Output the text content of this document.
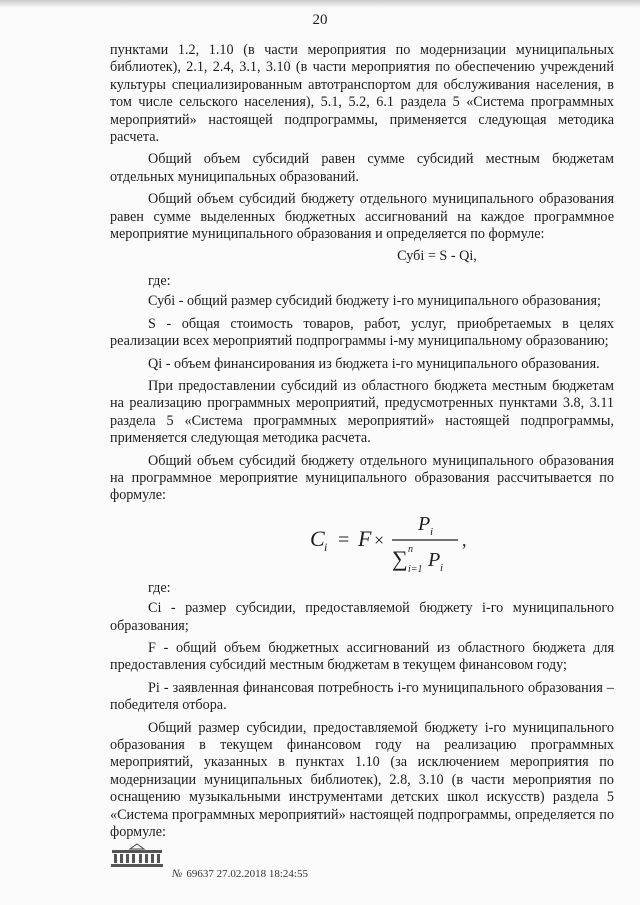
20

пунктами 1.2, 1.10 (в части мероприятия по модернизации муниципальных библиотек), 2.1, 2.4, 3.1, 3.10 (в части мероприятия по обеспечению учреждений культуры специализированным автотранспортом для обслуживания населения, в том числе сельского населения), 5.1, 5.2, 6.1 раздела 5 «Система программных мероприятий» настоящей подпрограммы, применяется следующая методика расчета.

Общий объем субсидий равен сумме субсидий местным бюджетам отдельных муниципальных образований.

Общий объем субсидий бюджету отдельного муниципального образования равен сумме выделенных бюджетных ассигнований на каждое программное мероприятие муниципального образования и определяется по формуле:

Субi = S - Qi,

где:

Субi - общий размер субсидий бюджету i-го муниципального образования;

S - общая стоимость товаров, работ, услуг, приобретаемых в целях реализации всех мероприятий подпрограммы i-му муниципальному образованию;

Qi - объем финансирования из бюджета i-го муниципального образования.

При предоставлении субсидий из областного бюджета местным бюджетам на реализацию программных мероприятий, предусмотренных пунктами 3.8, 3.11 раздела 5 «Система программных мероприятий» настоящей подпрограммы, применяется следующая методика расчета.

Общий объем субсидий бюджету отдельного муниципального образования на программное мероприятие муниципального образования рассчитывается по формуле:

C i = F ×
P i
∑ n
i=1 P i
,

где:

Ci - размер субсидии, предоставляемой бюджету i-го муниципального образования;

F - общий объем бюджетных ассигнований из областного бюджета для предоставления субсидий местным бюджетам в текущем финансовом году;

Pi - заявленная финансовая потребность i-го муниципального образования – победителя отбора.

Общий размер субсидии, предоставляемой бюджету i-го муниципального образования в текущем финансовом году на реализацию программных мероприятий, указанных в пунктах 1.10 (за исключением мероприятия по модернизации муниципальных библиотек), 2.8, 3.10 (в части мероприятия по оснащению музыкальными инструментами детских школ искусств) раздела 5 «Система программных мероприятий» настоящей подпрограммы, определяется по формуле:

№ 69637 27.02.2018 18:24:55
